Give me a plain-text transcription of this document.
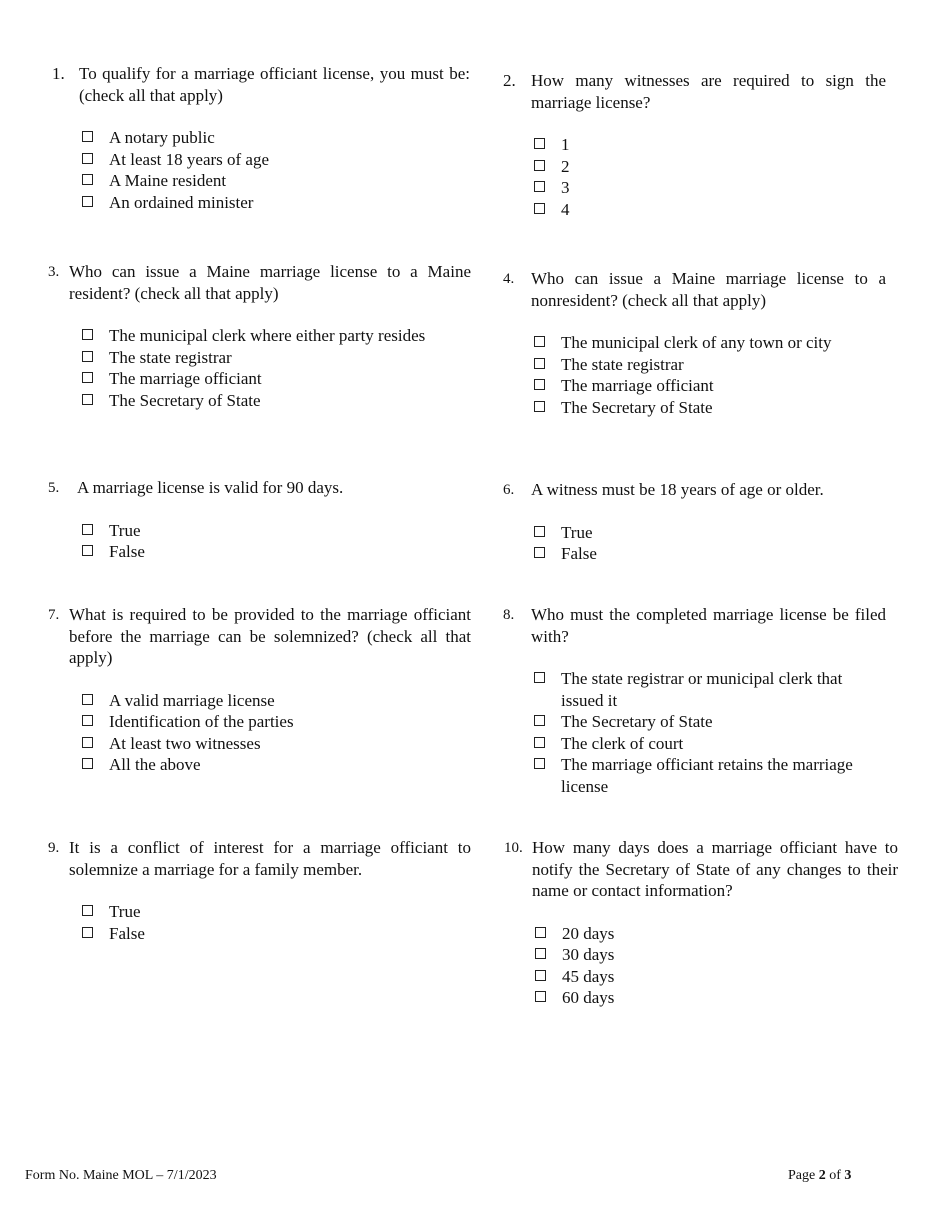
1. To qualify for a marriage officiant license, you must be: (check all that apply)
A notary public
At least 18 years of age
A Maine resident
An ordained minister
2. How many witnesses are required to sign the marriage license?
1
2
3
4
3. Who can issue a Maine marriage license to a Maine resident? (check all that apply)
The municipal clerk where either party resides
The state registrar
The marriage officiant
The Secretary of State
4. Who can issue a Maine marriage license to a nonresident? (check all that apply)
The municipal clerk of any town or city
The state registrar
The marriage officiant
The Secretary of State
5. A marriage license is valid for 90 days.
True
False
6. A witness must be 18 years of age or older.
True
False
7. What is required to be provided to the marriage officiant before the marriage can be solemnized? (check all that apply)
A valid marriage license
Identification of the parties
At least two witnesses
All the above
8. Who must the completed marriage license be filed with?
The state registrar or municipal clerk that issued it
The Secretary of State
The clerk of court
The marriage officiant retains the marriage license
9. It is a conflict of interest for a marriage officiant to solemnize a marriage for a family member.
True
False
10. How many days does a marriage officiant have to notify the Secretary of State of any changes to their name or contact information?
20 days
30 days
45 days
60 days
Form No. Maine MOL – 7/1/2023	Page 2 of 3
